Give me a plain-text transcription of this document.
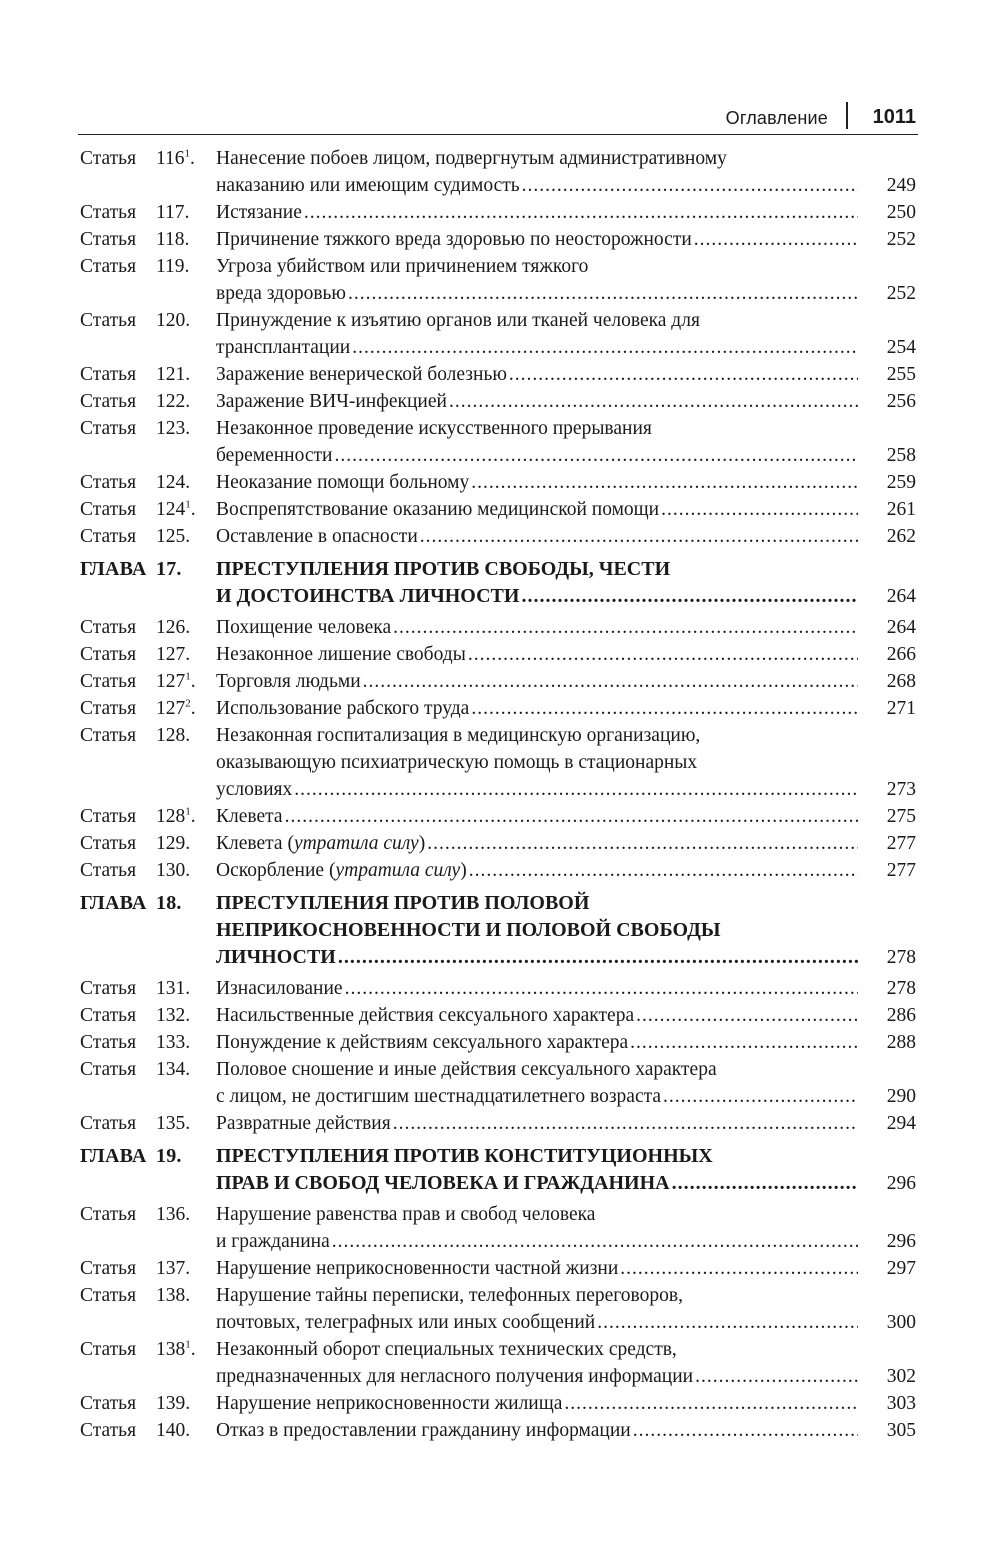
Оглавление 1011
Статья $116^1$.	Нанесение побоев лицом, подвергнутым административному
наказанию или имеющим судимость .....	249
Статья 117.	Истязание .....	250
Статья 118.	Причинение тяжкого вреда здоровью по неосторожности .....	252
Статья 119.	Угроза убийством или причинением тяжкого
вреда здоровью .....	252
Статья 120.	Принуждение к изъятию органов или тканей человека для
трансплантации .....	254
Статья 121.	Заражение венерической болезнью .....	255
Статья 122.	Заражение ВИЧ-инфекцией .....	256
Статья 123.	Незаконное проведение искусственного прерывания
беременности .....	258
Статья 124.	Неоказание помощи больному .....	259
Статья $124^1$.	Воспрепятствование оказанию медицинской помощи .....	261
Статья 125.	Оставление в опасности .....	262
ГЛАВА 17.	ПРЕСТУПЛЕНИЯ ПРОТИВ СВОБОДЫ, ЧЕСТИ
И ДОСТОИНСТВА ЛИЧНОСТИ .....	264
Статья 126.	Похищение человека .....	264
Статья 127.	Незаконное лишение свободы .....	266
Статья $127^1$.	Торговля людьми .....	268
Статья $127^2$.	Использование рабского труда .....	271
Статья 128.	Незаконная госпитализация в медицинскую организацию,
оказывающую психиатрическую помощь в стационарных
условиях .....	273
Статья $128^1$.	Клевета .....	275
Статья 129.	Клевета (утратила силу) .....	277
Статья 130.	Оскорбление (утратила силу) .....	277
ГЛАВА 18.	ПРЕСТУПЛЕНИЯ ПРОТИВ ПОЛОВОЙ
НЕПРИКОСНОВЕННОСТИ И ПОЛОВОЙ СВОБОДЫ
ЛИЧНОСТИ .....	278
Статья 131.	Изнасилование .....	278
Статья 132.	Насильственные действия сексуального характера .....	286
Статья 133.	Понуждение к действиям сексуального характера .....	288
Статья 134.	Половое сношение и иные действия сексуального характера
с лицом, не достигшим шестнадцатилетнего возраста .....	290
Статья 135.	Развратные действия .....	294
ГЛАВА 19.	ПРЕСТУПЛЕНИЯ ПРОТИВ КОНСТИТУЦИОННЫХ
ПРАВ И СВОБОД ЧЕЛОВЕКА И ГРАЖДАНИНА .....	296
Статья 136.	Нарушение равенства прав и свобод человека
и гражданина .....	296
Статья 137.	Нарушение неприкосновенности частной жизни .....	297
Статья 138.	Нарушение тайны переписки, телефонных переговоров,
почтовых, телеграфных или иных сообщений .....	300
Статья $138^1$.	Незаконный оборот специальных технических средств,
предназначенных для негласного получения информации .....	302
Статья 139.	Нарушение неприкосновенности жилища .....	303
Статья 140.	Отказ в предоставлении гражданину информации .....	305
